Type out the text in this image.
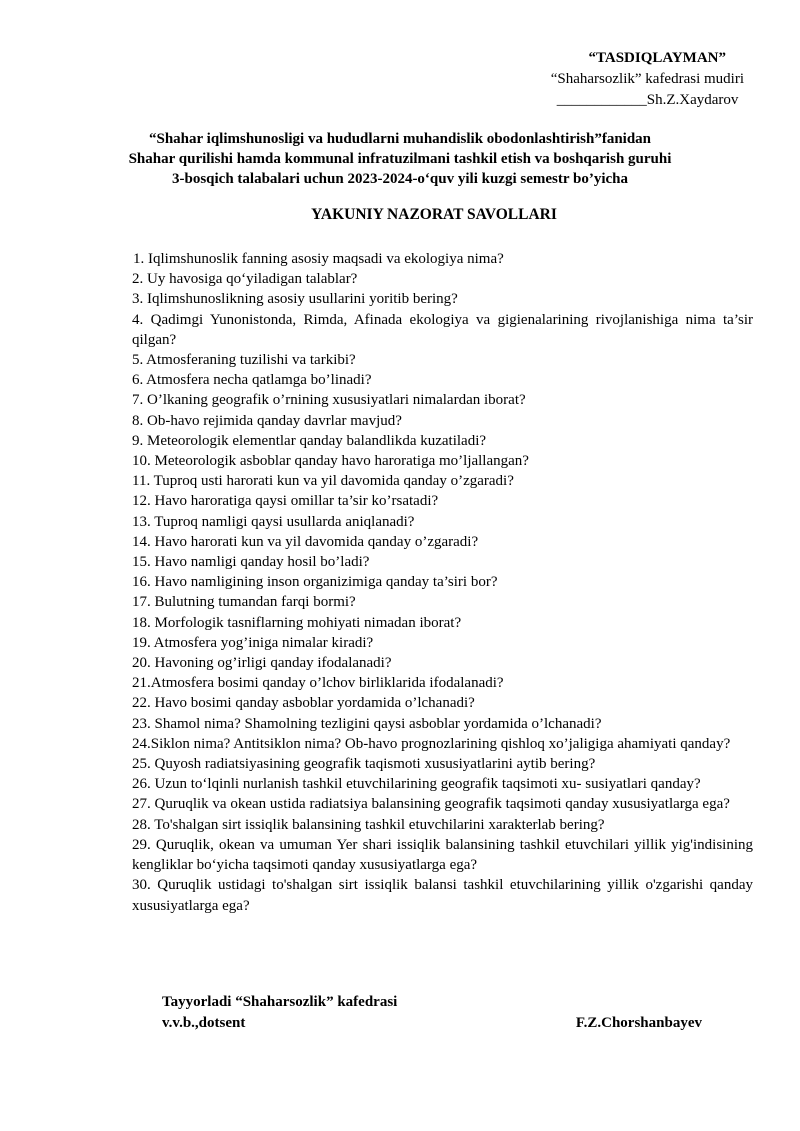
“TASDIQLAYMAN”
“Shaharsozlik” kafedrasi mudiri
____________Sh.Z.Xaydarov
“Shahar iqlimshunosligi va hududlarni muhandislik obodonlashtirish”fanidan
Shahar qurilishi hamda kommunal infratuzilmani tashkil etish va boshqarish guruhi
3-bosqich talabalari uchun 2023-2024-o‘quv yili kuzgi semestr bo’yicha
YAKUNIY NAZORAT SAVOLLARI

1. Iqlimshunoslik fanning asosiy maqsadi va ekologiya nima?

2. Uy havosiga qo‘yiladigan talablar?

3. Iqlimshunoslikning asosiy usullarini yoritib bering?

4. Qadimgi Yunonistonda, Rimda, Afinada ekologiya va gigienalarining rivojlanishiga nima ta’sir qilgan?

5. Atmosferaning tuzilishi va tarkibi?

6. Atmosfera necha qatlamga bo’linadi?

7. O’lkaning geografik o’rnining xususiyatlari nimalardan iborat?

8. Ob-havo rejimida qanday davrlar mavjud?

9. Meteorologik elementlar qanday balandlikda kuzatiladi?

10. Meteorologik asboblar qanday havo haroratiga mo’ljallangan?

11. Tuproq usti harorati kun va yil davomida qanday o’zgaradi?

12. Havo haroratiga qaysi omillar ta’sir ko’rsatadi?

13. Tuproq namligi qaysi usullarda aniqlanadi?

14. Havo harorati kun va yil davomida qanday o’zgaradi?

15. Havo namligi qanday hosil bo’ladi?

16. Havo namligining inson organizimiga qanday ta’siri bor?

17. Bulutning tumandan farqi bormi?

18. Morfologik tasniflarning mohiyati nimadan iborat?

19. Atmosfera yog’iniga nimalar kiradi?

20. Havoning og’irligi qanday ifodalanadi?

21.Atmosfera bosimi qanday o’lchov birliklarida ifodalanadi?

22. Havo bosimi qanday asboblar yordamida o’lchanadi?

23. Shamol nima? Shamolning tezligini qaysi asboblar yordamida o’lchanadi?

24.Siklon nima? Antitsiklon nima? Ob-havo prognozlarining qishloq xo’jaligiga ahamiyati qanday?

25. Quyosh radiatsiyasining geografik taqismoti xususiyatlarini aytib bering?

26. Uzun to‘lqinli nurlanish tashkil etuvchilarining geografik taqsimoti xu- susiyatlari qanday?

27. Quruqlik va okean ustida radiatsiya balansining geografik taqsimoti qanday xususiyatlarga ega?

28. To'shalgan sirt issiqlik balansining tashkil etuvchilarini xarakterlab bering?

29. Quruqlik, okean va umuman Yer shari issiqlik balansining tashkil etuvchilari yillik yig'indisining kengliklar bo‘yicha taqsimoti qanday xususiyatlarga ega?

30. Quruqlik ustidagi to'shalgan sirt issiqlik balansi tashkil etuvchilarining yillik o'zgarishi qanday xususiyatlarga ega?

Tayyorladi “Shaharsozlik” kafedrasi
v.v.b.,dotsent	F.Z.Chorshanbayev
